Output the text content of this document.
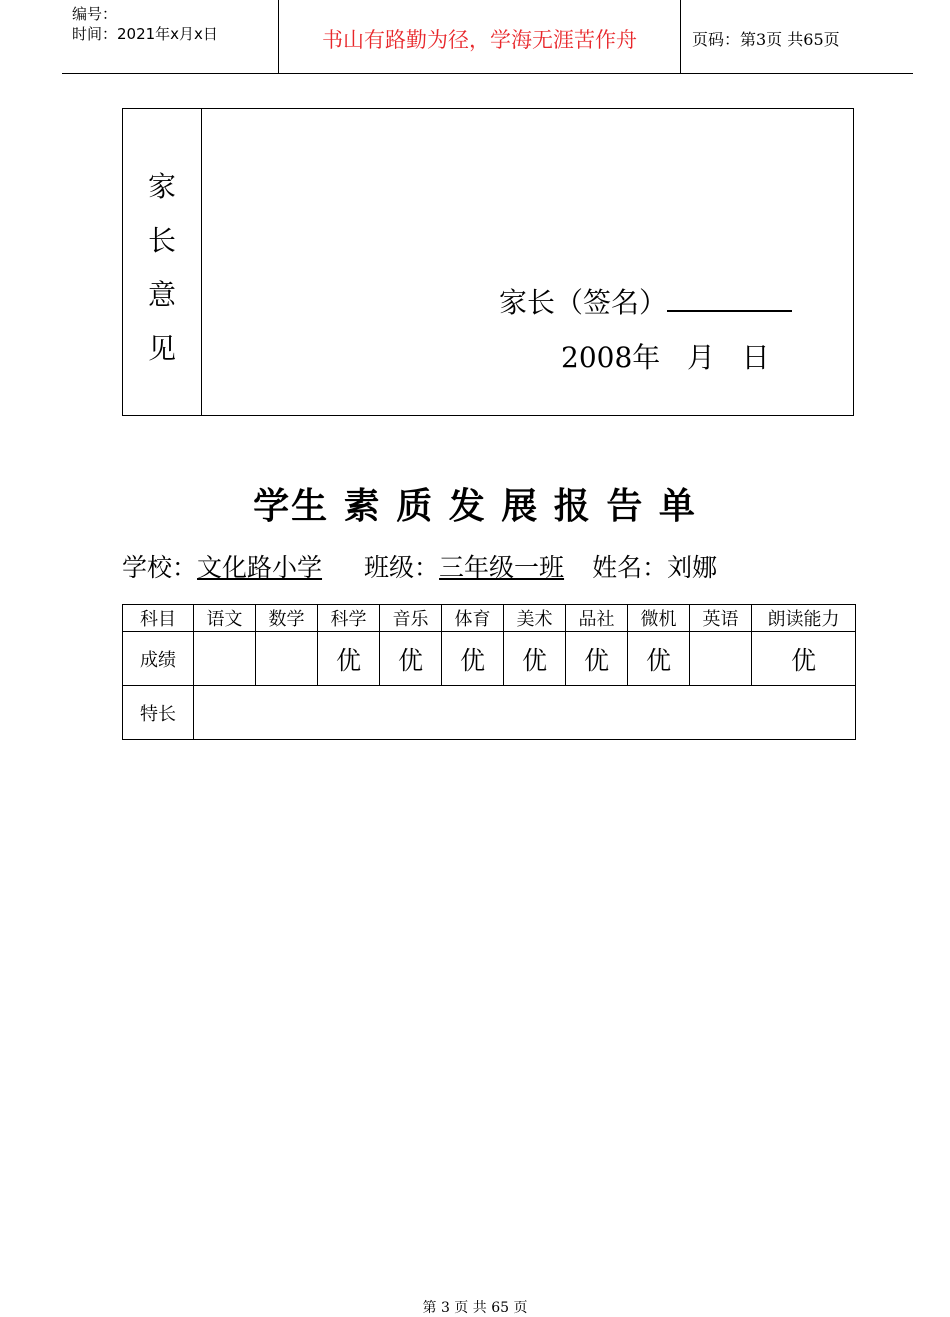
编号：
时间：2021年x月x日	书山有路勤为径，学海无涯苦作舟	页码：第3页 共65页
家
长
意
见
家长（签名）
2008年   月   日
学生 素 质 发 展 报 告 单
学校：文化路小学 班级：三年级一班 姓名：刘娜
科目	语文	数学	科学	音乐	体育	美术	品社	微机	英语	朗读能力
成绩			优	优	优	优	优	优		优
特长										
第 3 页 共 65 页
